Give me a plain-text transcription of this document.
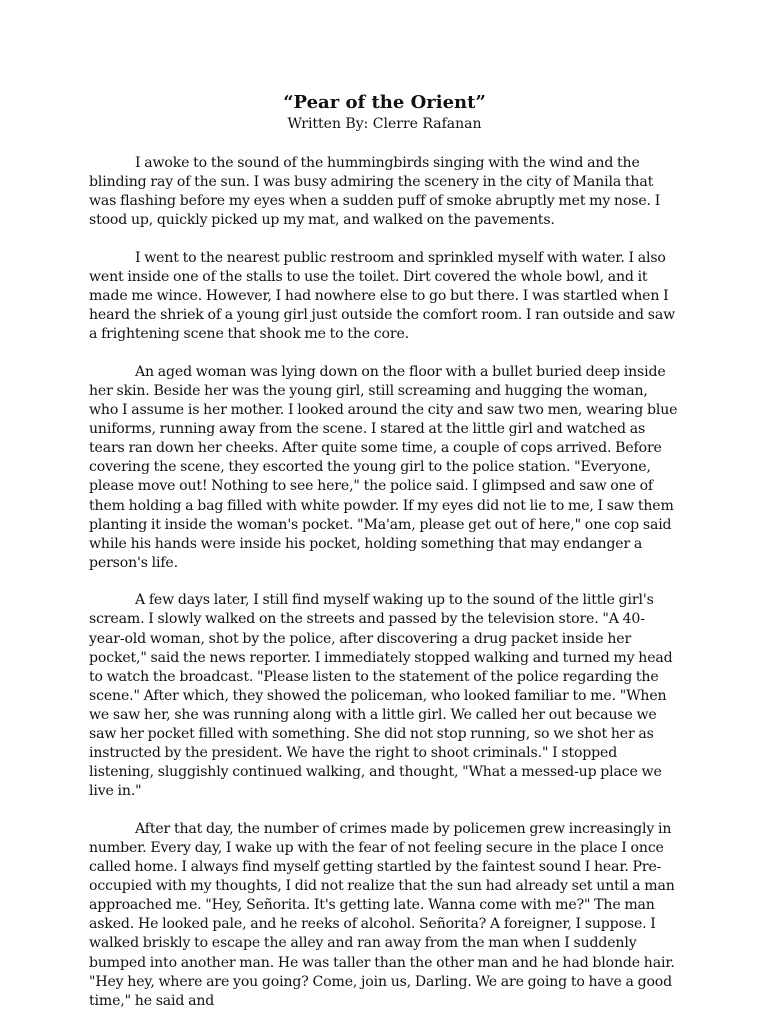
“Pear of the Orient”

Written By: Clerre Rafanan

I awoke to the sound of the hummingbirds singing with the wind and the blinding ray of the sun. I was busy admiring the scenery in the city of Manila that was flashing before my eyes when a sudden puff of smoke abruptly met my nose. I stood up, quickly picked up my mat, and walked on the pavements.

I went to the nearest public restroom and sprinkled myself with water. I also went inside one of the stalls to use the toilet. Dirt covered the whole bowl, and it made me wince. However, I had nowhere else to go but there. I was startled when I heard the shriek of a young girl just outside the comfort room. I ran outside and saw a frightening scene that shook me to the core.

An aged woman was lying down on the floor with a bullet buried deep inside her skin. Beside her was the young girl, still screaming and hugging the woman, who I assume is her mother. I looked around the city and saw two men, wearing blue uniforms, running away from the scene. I stared at the little girl and watched as tears ran down her cheeks. After quite some time, a couple of cops arrived. Before covering the scene, they escorted the young girl to the police station. "Everyone, please move out! Nothing to see here," the police said. I glimpsed and saw one of them holding a bag filled with white powder. If my eyes did not lie to me, I saw them planting it inside the woman's pocket. "Ma'am, please get out of here," one cop said while his hands were inside his pocket, holding something that may endanger a person's life.

A few days later, I still find myself waking up to the sound of the little girl's scream. I slowly walked on the streets and passed by the television store. "A 40-year-old woman, shot by the police, after discovering a drug packet inside her pocket," said the news reporter. I immediately stopped walking and turned my head to watch the broadcast. "Please listen to the statement of the police regarding the scene." After which, they showed the policeman, who looked familiar to me. "When we saw her, she was running along with a little girl. We called her out because we saw her pocket filled with something. She did not stop running, so we shot her as instructed by the president. We have the right to shoot criminals." I stopped listening, sluggishly continued walking, and thought, "What a messed-up place we live in."

After that day, the number of crimes made by policemen grew increasingly in number. Every day, I wake up with the fear of not feeling secure in the place I once called home. I always find myself getting startled by the faintest sound I hear. Pre-occupied with my thoughts, I did not realize that the sun had already set until a man approached me. "Hey, Señorita. It's getting late. Wanna come with me?" The man asked. He looked pale, and he reeks of alcohol. Señorita? A foreigner, I suppose. I walked briskly to escape the alley and ran away from the man when I suddenly bumped into another man. He was taller than the other man and he had blonde hair. "Hey hey, where are you going? Come, join us, Darling. We are going to have a good time," he said and
